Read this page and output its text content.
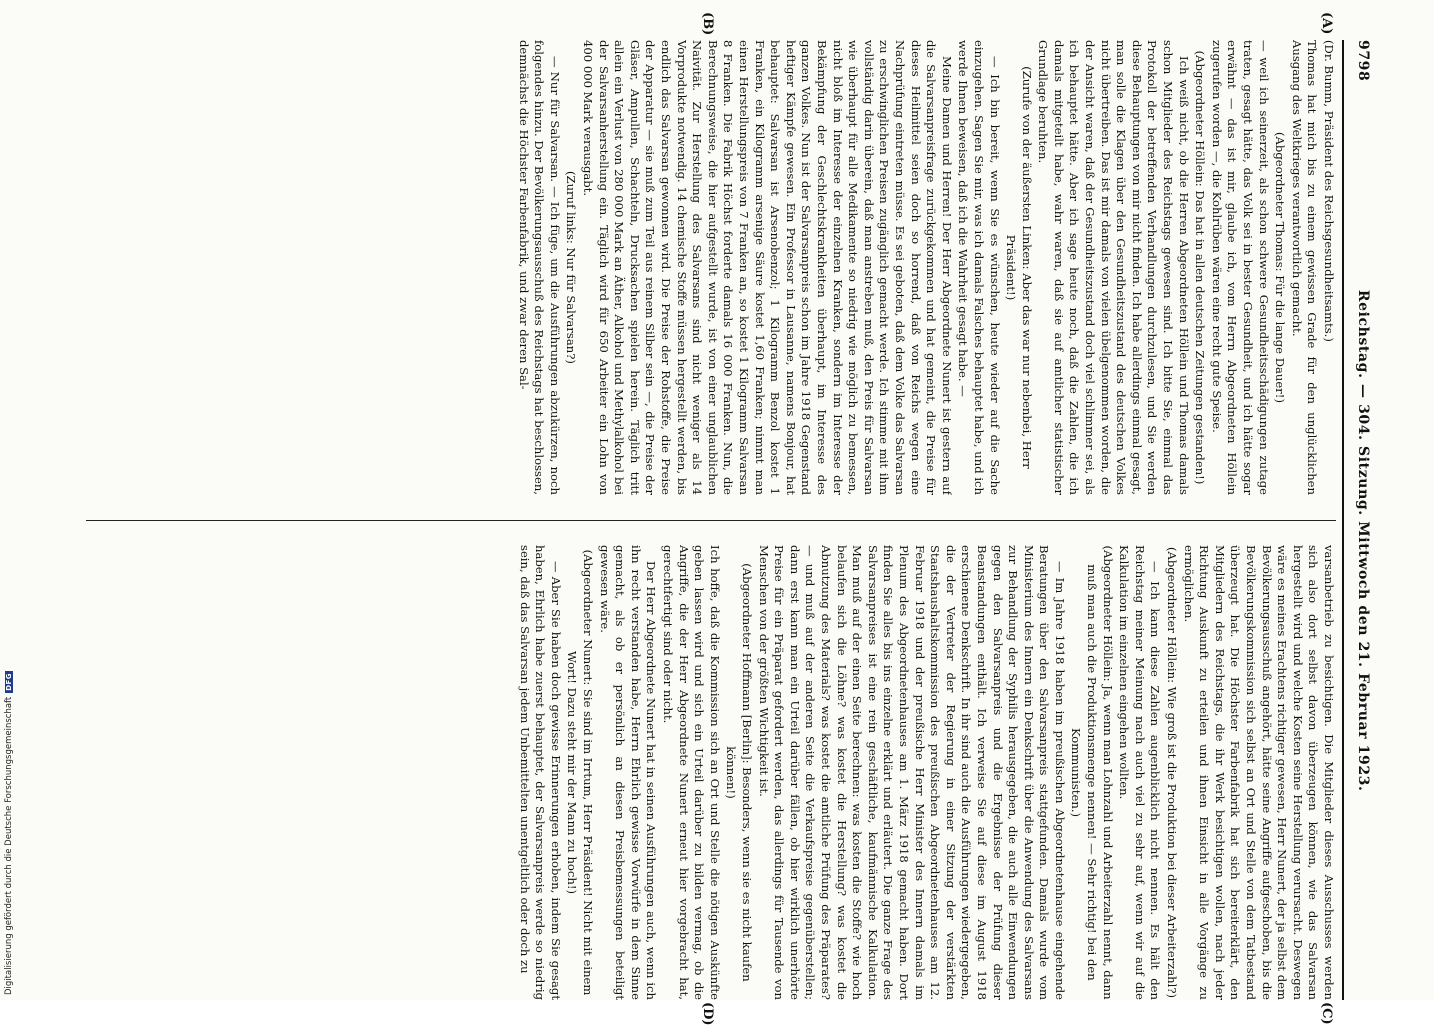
9798
Reichstag. — 304. Sitzung. Mittwoch den 21. Februar 1923.
(A)
(B)
(C)
(D)

(Dr. Bumm, Präsident des Reichsgesundheitsamts.)

Thomas hat mich bis zu einem gewissen Grade für den unglücklichen Ausgang des Weltkrieges verantwortlich gemacht.

(Abgeordneter Thomas: Für die lange Dauer!)

— weil ich seinerzeit, als schon schwere Gesundheitsschädigungen zutage traten, gesagt hätte, das Volk sei in bester Gesundheit, und ich hätte sogar erwähnt — das ist mir, glaube ich, vom Herrn Abgeordneten Höllein zugerufen worden —, die Kohlrüben wären eine recht gute Speise.

(Abgeordneter Höllein: Das hat in allen deutschen Zeitungen gestanden!)

Ich weiß nicht, ob die Herren Abgeordneten Höllein und Thomas damals schon Mitglieder des Reichstags gewesen sind. Ich bitte Sie, einmal das Protokoll der betreffenden Verhandlungen durchzulesen, und Sie werden diese Behauptungen von mir nicht finden. Ich habe allerdings einmal gesagt, man solle die Klagen über den Gesundheitszustand des deutschen Volkes nicht übertreiben. Das ist mir damals von vielen übelgenommen worden, die der Ansicht waren, daß der Gesundheitszustand doch viel schlimmer sei, als ich behauptet hätte. Aber ich sage heute noch, daß die Zahlen, die ich damals mitgeteilt habe, wahr waren, daß sie auf amtlicher statistischer Grundlage beruhten.

(Zurufe von der äußersten Linken: Aber das war nur nebenbei, Herr Präsident!)

— Ich bin bereit, wenn Sie es wünschen, heute wieder auf die Sache einzugehen. Sagen Sie mir, was ich damals Falsches behauptet habe, und ich werde Ihnen beweisen, daß ich die Wahrheit gesagt habe. —

Meine Damen und Herren! Der Herr Abgeordnete Nunert ist gestern auf die Salvarsanpreisfrage zurückgekommen und hat gemeint, die Preise für dieses Heilmittel seien doch so horrend, daß von Reichs wegen eine Nachprüfung eintreten müsse. Es sei geboten, daß dem Volke das Salvarsan zu erschwinglichen Preisen zugänglich gemacht werde. Ich stimme mit ihm vollständig darin überein, daß man anstreben muß, den Preis für Salvarsan wie überhaupt für alle Medikamente so niedrig wie möglich zu bemessen, nicht bloß im Interesse der einzelnen Kranken, sondern im Interesse der Bekämpfung der Geschlechtskrankheiten überhaupt, im Interesse des ganzen Volkes. Nun ist der Salvarsanpreis schon im Jahre 1918 Gegenstand heftiger Kämpfe gewesen. Ein Professor in Lausanne, namens Bonjour, hat behauptet: Salvarsan ist Arsenobenzol; 1 Kilogramm Benzol kostet 1 Franken, ein Kilogramm arsenige Säure kostet 1,60 Franken; nimmt man einen Herstellungspreis von 7 Franken an, so kostet 1 Kilogramm Salvarsan 8 Franken. Die Fabrik Höchst forderte damals 16 000 Franken. Nun, die Berechnungsweise, die hier aufgestellt wurde, ist von einer unglaublichen Naivität. Zur Herstellung des Salvarsans sind nicht weniger als 14 Vorprodukte notwendig. 14 chemische Stoffe müssen hergestellt werden, bis endlich das Salvarsan gewonnen wird. Die Preise der Rohstoffe, die Preise der Apparatur — sie muß zum Teil aus reinem Silber sein —, die Preise der Gläser, Ampullen, Schachteln, Drucksachen spielen herein. Täglich tritt allein ein Verlust von 280 000 Mark an Äther, Alkohol und Methylalkohol bei der Salvarsanherstellung ein. Täglich wird für 650 Arbeiter ein Lohn von 400 000 Mark verausgabt.

(Zuruf links: Nur für Salvarsan?)

— Nur für Salvarsan. — Ich füge, um die Ausführungen abzukürzen, noch folgendes hinzu. Der Bevölkerungsausschuß des Reichstags hat beschlossen, demnächst die Höchster Farbenfabrik, und zwar deren Sal-

varsanbetrieb zu besichtigen. Die Mitglieder dieses Ausschusses werden sich also dort selbst davon überzeugen können, wie das Salvarsan hergestellt wird und welche Kosten seine Herstellung verursacht. Deswegen wäre es meines Erachtens richtiger gewesen, Herr Nunert, der ja selbst dem Bevölkerungsausschuß angehört, hätte seine Angriffe aufgeschoben, bis die Bevölkerungskommission sich selbst an Ort und Stelle von dem Tatbestand überzeugt hat. Die Höchster Farbenfabrik hat sich bereiterklärt, den Mitgliedern des Reichstags, die ihr Werk besichtigen wollen, nach jeder Richtung Auskunft zu erteilen und ihnen Einsicht in alle Vorgänge zu ermöglichen.

(Abgeordneter Höllein: Wie groß ist die Produktion bei dieser Arbeiterzahl?)

— Ich kann diese Zahlen augenblicklich nicht nennen. Es hält den Reichstag meiner Meinung nach auch viel zu sehr auf, wenn wir auf die Kalkulation im einzelnen eingehen wollten.

(Abgeordneter Höllein: Ja, wenn man Lohnzahl und Arbeiterzahl nennt, dann muß man auch die Produktionsmenge nennen! — Sehr richtig! bei den Kommunisten.)

— Im Jahre 1918 haben im preußischen Abgeordnetenhause eingehende Beratungen über den Salvarsanpreis stattgefunden. Damals wurde vom Ministerium des Innern ein Denkschrift über die Anwendung des Salvarsans zur Behandlung der Syphilis herausgegeben, die auch alle Einwendungen gegen den Salvarsanpreis und die Ergebnisse der Prüfung dieser Beanstandungen enthält. Ich verweise Sie auf diese im August 1918 erschienene Denkschrift. In ihr sind auch die Ausführungen wiedergegeben, die der Vertreter der Regierung in einer Sitzung der verstärkten Staatshaushaltskommission des preußischen Abgeordnetenhauses am 12. Februar 1918 und der preußische Herr Minister des Innern damals im Plenum des Abgeordnetenhauses am 1. März 1918 gemacht haben. Dort finden Sie alles bis ins einzelne erklärt und erläutert. Die ganze Frage des Salvarsanpreises ist eine rein geschäftliche, kaufmännische Kalkulation. Man muß auf der einen Seite berechnen: was kosten die Stoffe? wie hoch belaufen sich die Löhne? was kostet die Herstellung? was kostet die Abnutzung des Materials? was kostet die amtliche Prüfung des Präparates? — und muß auf der anderen Seite die Verkaufspreise gegenüberstellen; dann erst kann man ein Urteil darüber fällen, ob hier wirklich unerhörte Preise für ein Präparat gefordert werden, das allerdings für Tausende von Menschen von der größten Wichtigkeit ist.

(Abgeordneter Hoffmann [Berlin]: Besonders, wenn sie es nicht kaufen können!)

Ich hoffe, daß die Kommission sich an Ort und Stelle die nötigen Auskünfte geben lassen wird und sich ein Urteil darüber zu bilden vermag, ob die Angriffe, die der Herr Abgeordnete Nunert erneut hier vorgebracht hat, gerechtfertigt sind oder nicht.

Der Herr Abgeordnete Nunert hat in seinen Ausführungen auch, wenn ich ihn recht verstanden habe, Herrn Ehrlich gewisse Vorwürfe in dem Sinne gemacht, als ob er persönlich an diesen Preisbemessungen beteiligt gewesen wäre.

(Abgeordneter Nunert: Sie sind im Irrtum, Herr Präsident! Nicht mit einem Wort! Dazu steht mir der Mann zu hoch!)

— Aber Sie haben doch gewisse Erinnerungen erhoben, indem Sie gesagt haben, Ehrlich habe zuerst behauptet, der Salvarsanpreis werde so niedrig sein, daß das Salvarsan jedem Unbemittelten unentgeltlich oder doch zu

Digitalisierung gefördert durch die Deutsche Forschungsgemeinschaft
DFG
